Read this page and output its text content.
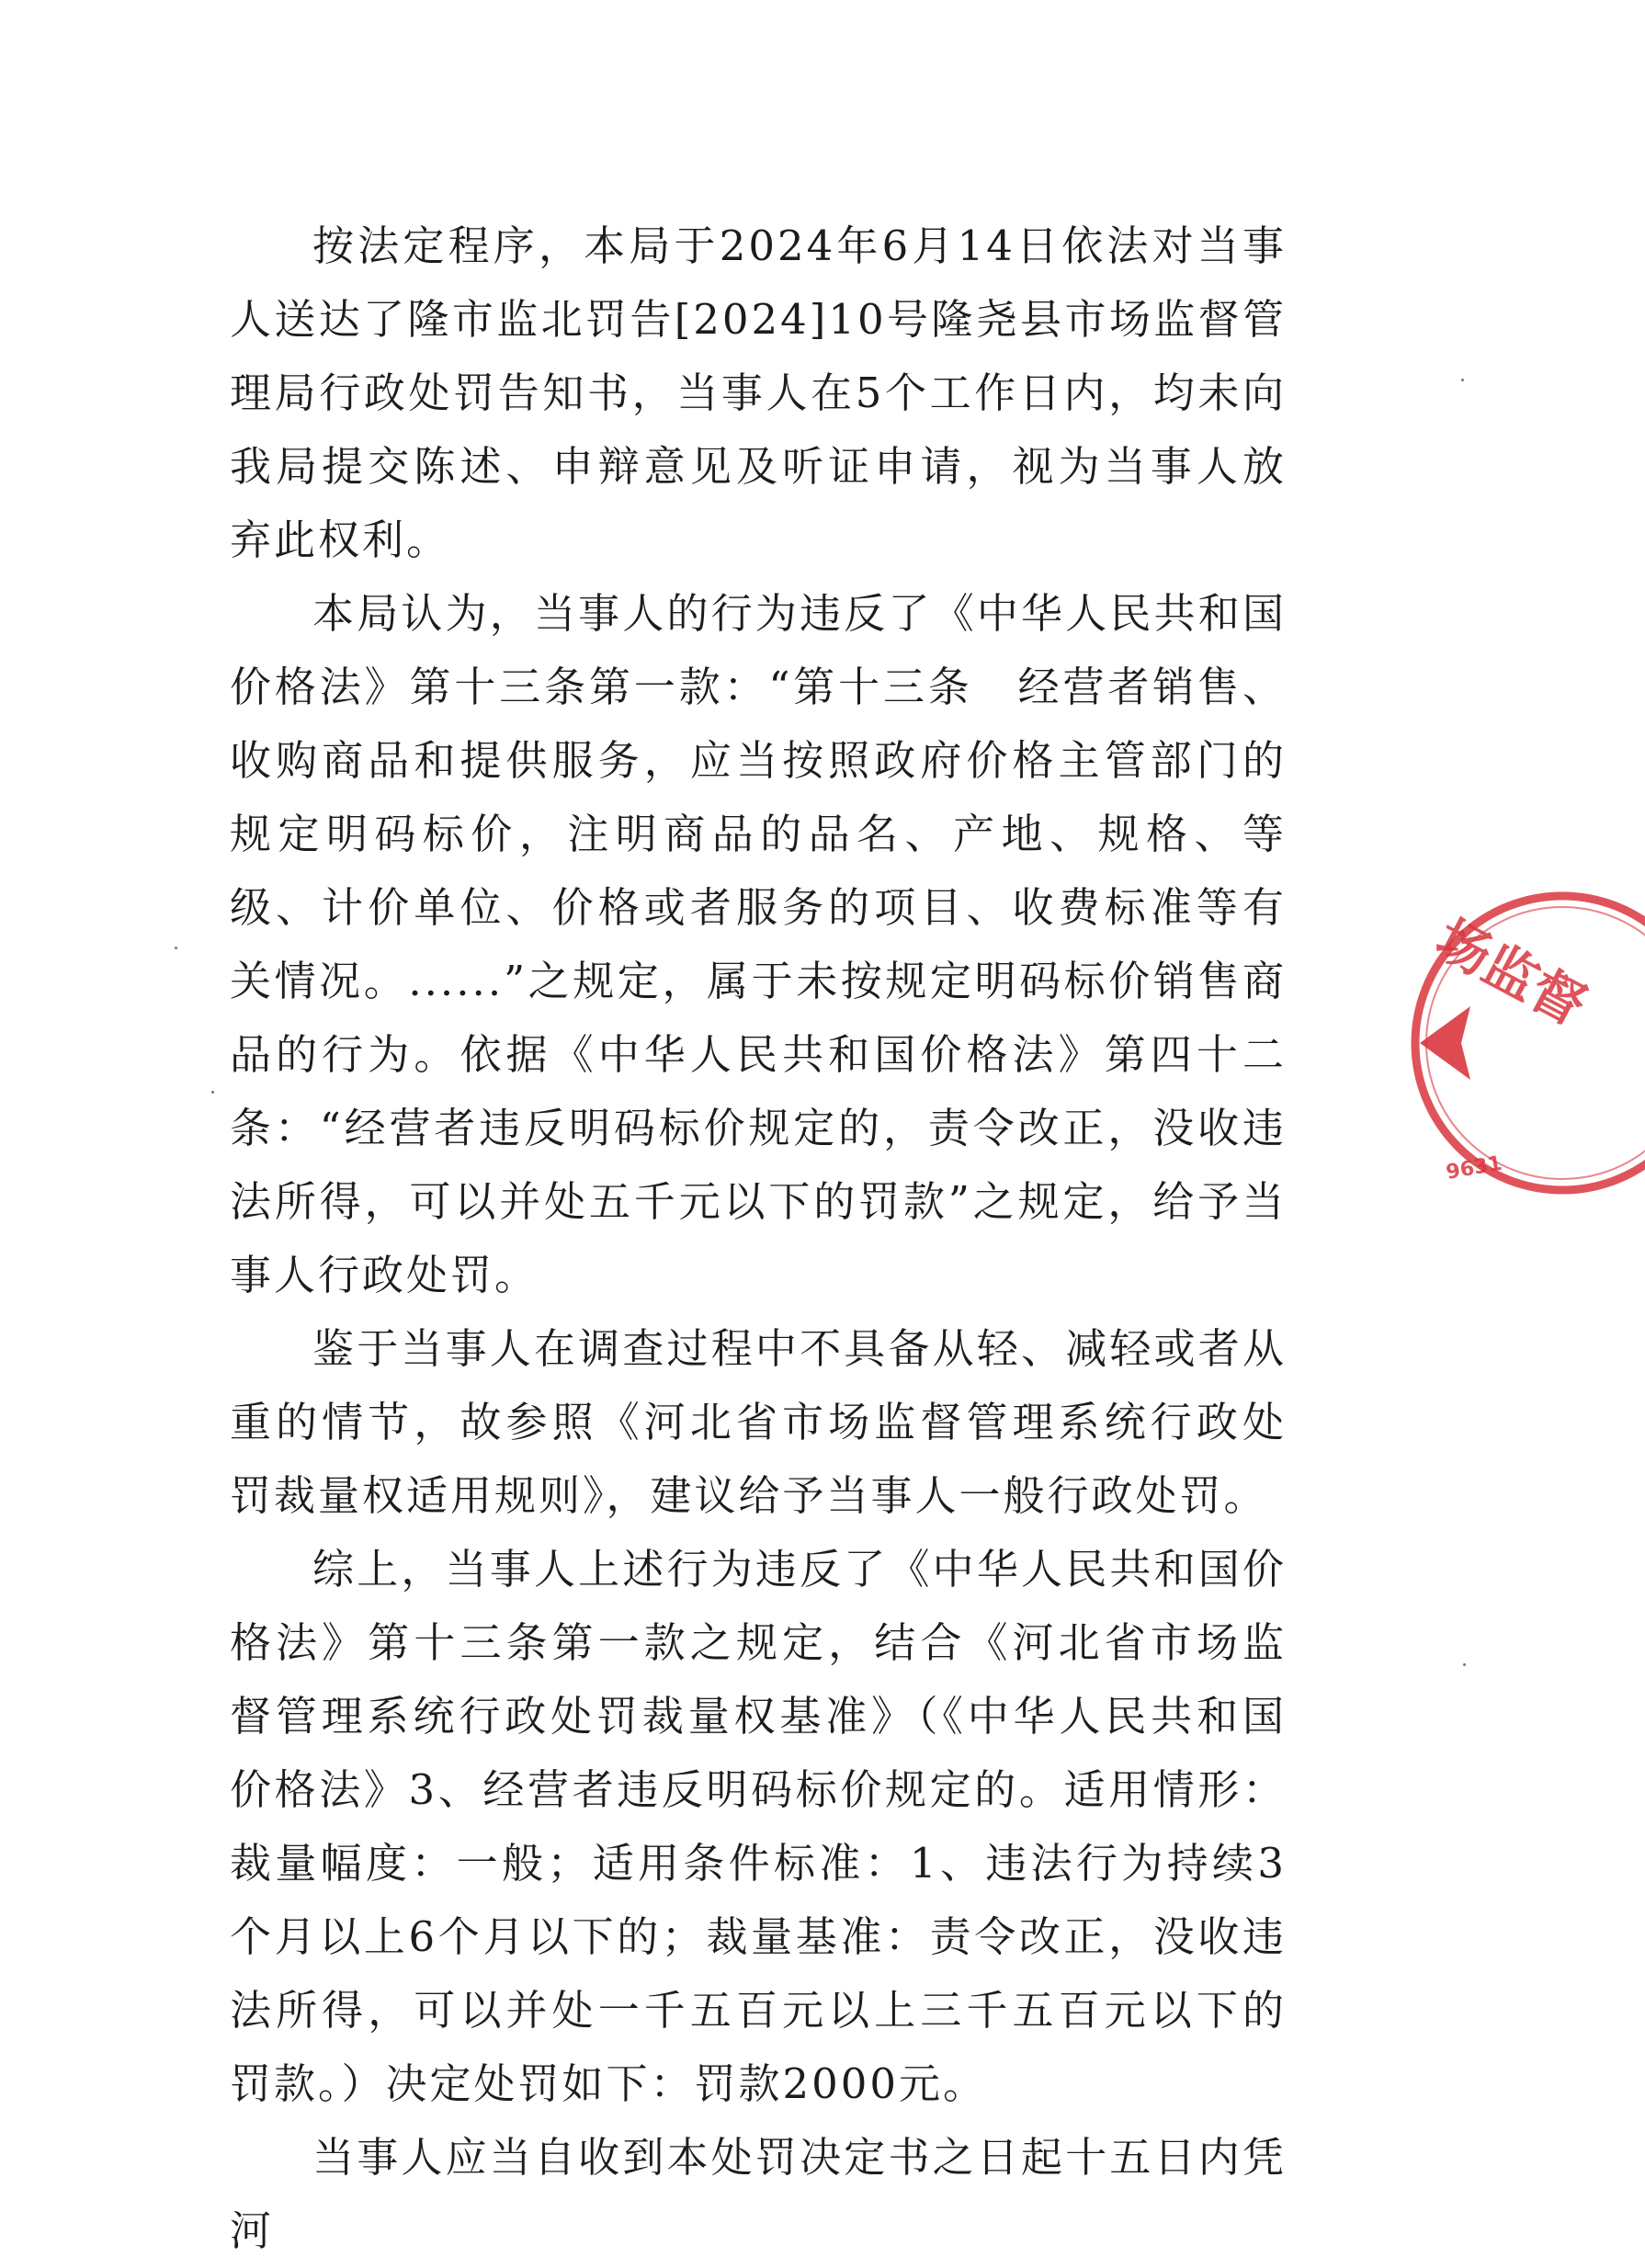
按法定程序，本局于2024年6月14日依法对当事人送达了隆市监北罚告[2024]10号隆尧县市场监督管理局行政处罚告知书，当事人在5个工作日内，均未向我局提交陈述、申辩意见及听证申请，视为当事人放弃此权利。

本局认为，当事人的行为违反了《中华人民共和国价格法》第十三条第一款：“第十三条　经营者销售、收购商品和提供服务，应当按照政府价格主管部门的规定明码标价，注明商品的品名、产地、规格、等级、计价单位、价格或者服务的项目、收费标准等有关情况。......”之规定，属于未按规定明码标价销售商品的行为。依据《中华人民共和国价格法》第四十二条：“经营者违反明码标价规定的，责令改正，没收违法所得，可以并处五千元以下的罚款”之规定，给予当事人行政处罚。

鉴于当事人在调查过程中不具备从轻、减轻或者从重的情节，故参照《河北省市场监督管理系统行政处罚裁量权适用规则》，建议给予当事人一般行政处罚。

综上，当事人上述行为违反了《中华人民共和国价格法》第十三条第一款之规定，结合《河北省市场监督管理系统行政处罚裁量权基准》（《中华人民共和国价格法》3、经营者违反明码标价规定的。适用情形：裁量幅度：一般；适用条件标准：1、违法行为持续3个月以上6个月以下的；裁量基准：责令改正，没收违法所得，可以并处一千五百元以上三千五百元以下的罚款。）决定处罚如下：罚款2000元。

当事人应当自收到本处罚决定书之日起十五日内凭河

场监督
9631
